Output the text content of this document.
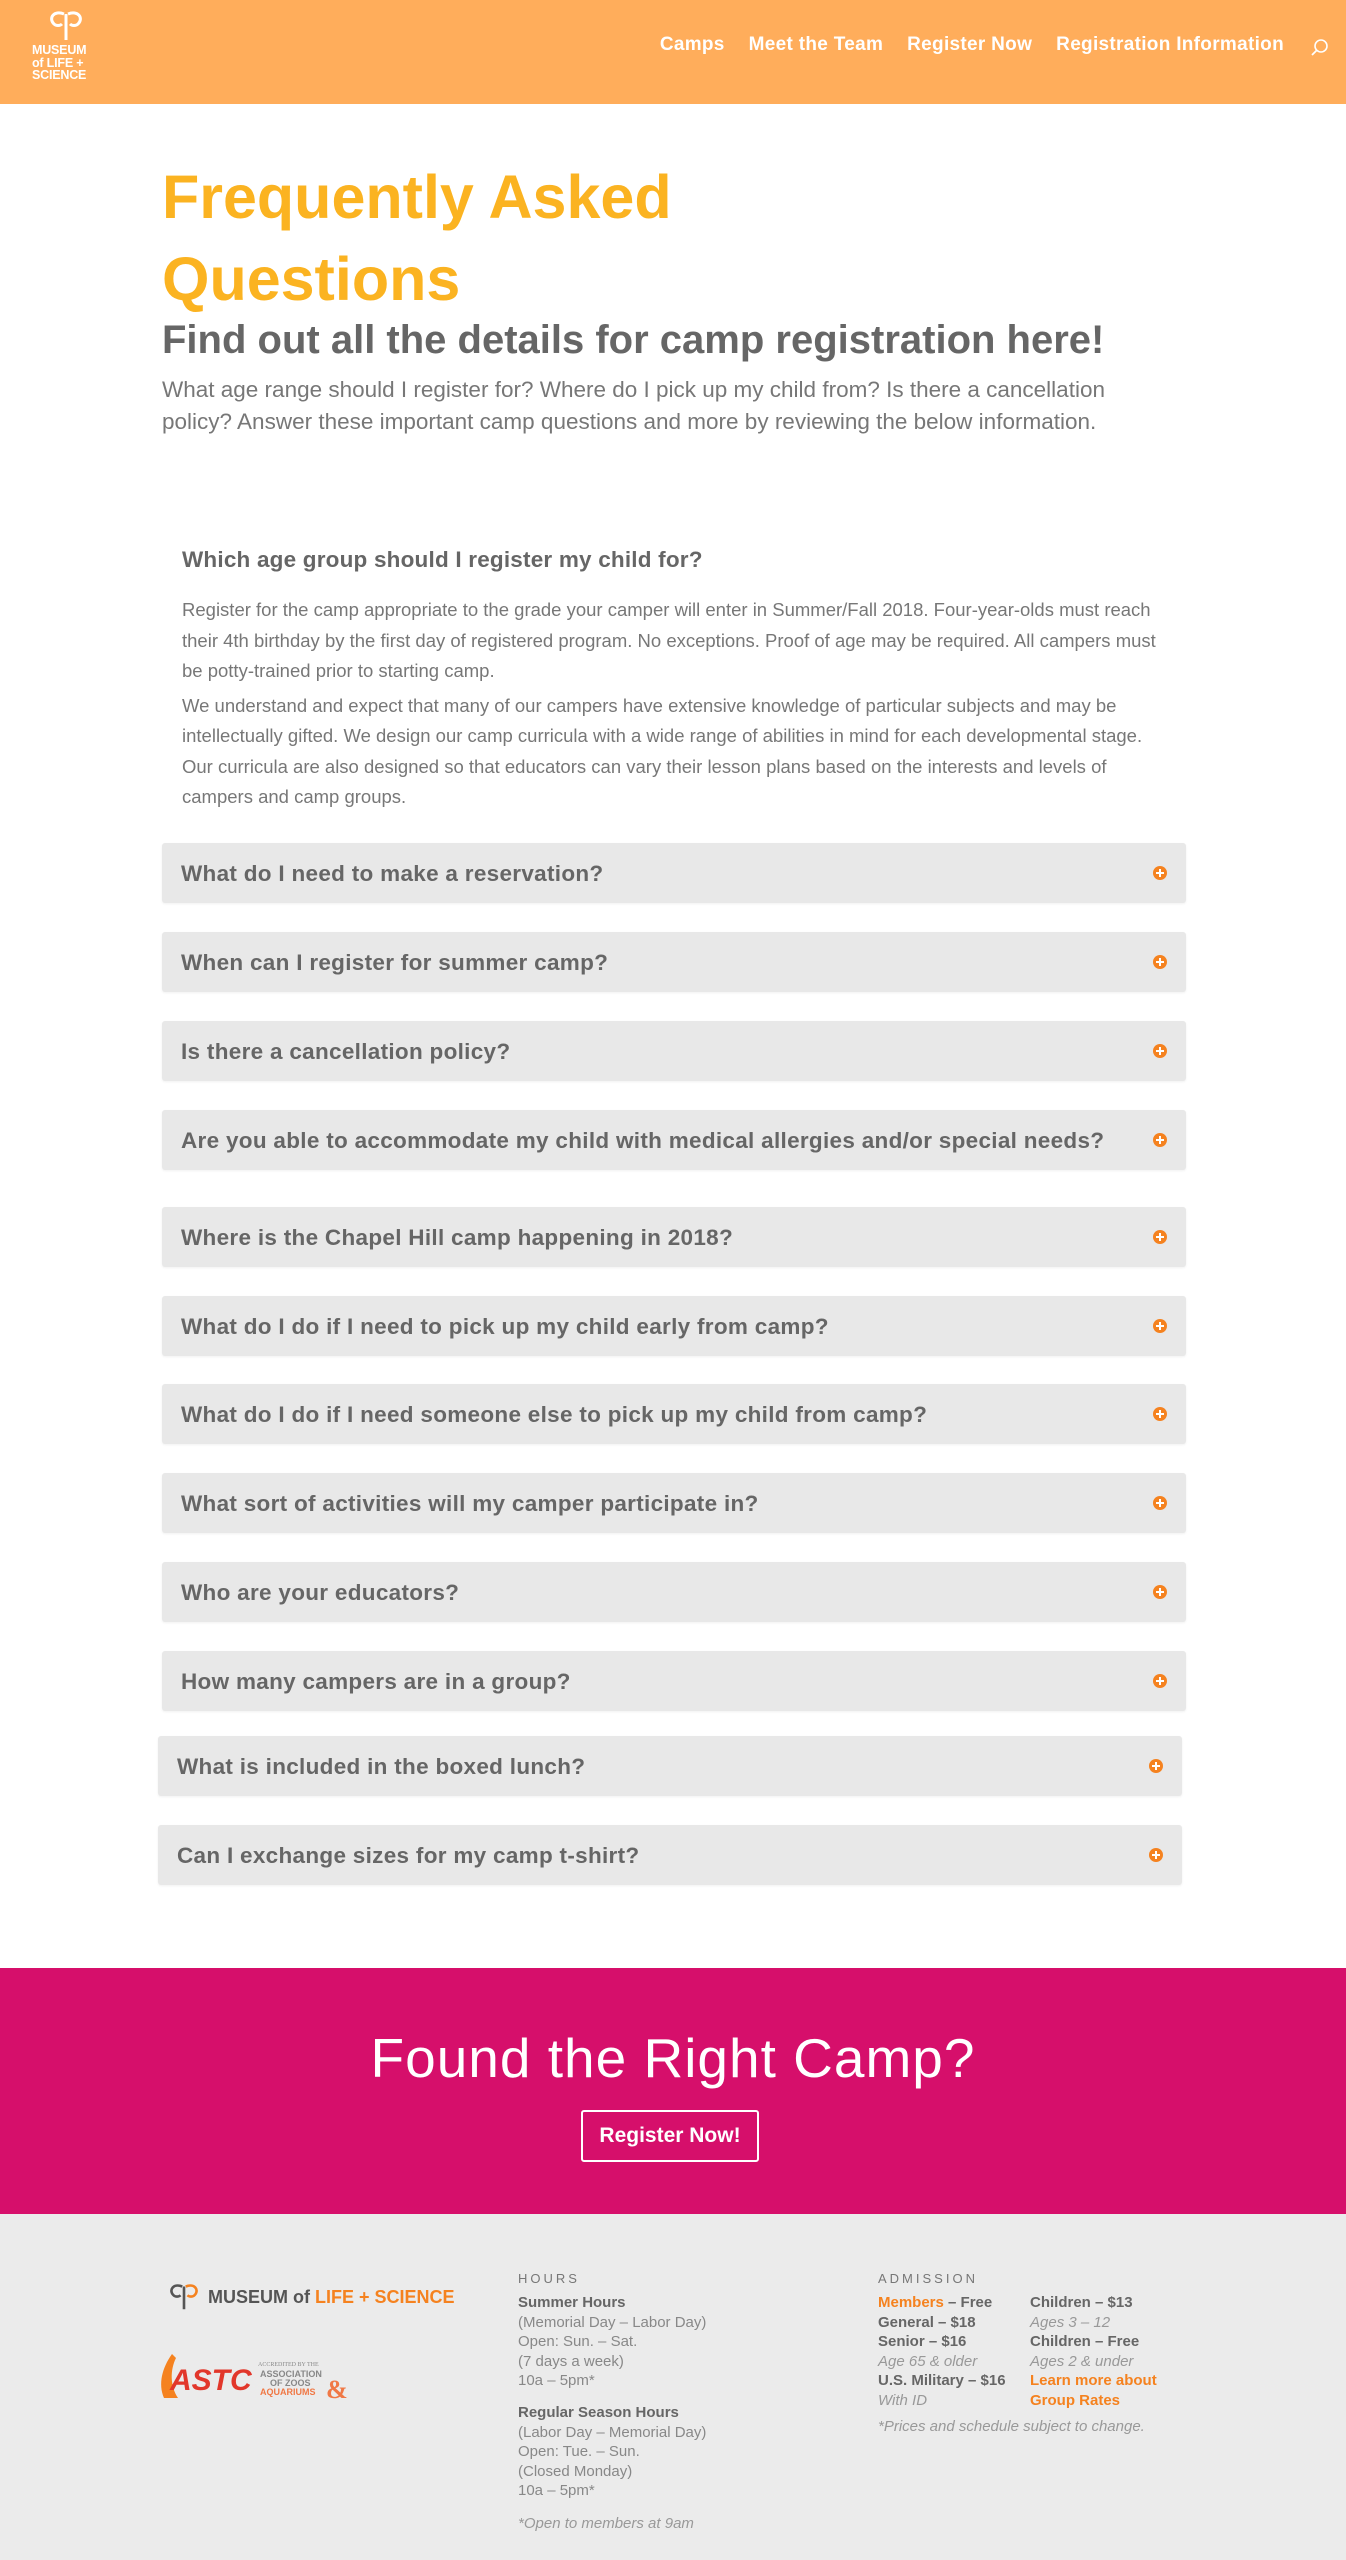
MUSEUM
of LIFE +
SCIENCE
Camps Meet the Team Register Now Registration Information
Frequently Asked Questions
Find out all the details for camp registration here!

What age range should I register for? Where do I pick up my child from? Is there a cancellation policy? Answer these important camp questions and more by reviewing the below information.

Which age group should I register my child for?

Register for the camp appropriate to the grade your camper will enter in Summer/Fall 2018. Four-year-olds must reach their 4th birthday by the first day of registered program. No exceptions. Proof of age may be required. All campers must be potty-trained prior to starting camp.

We understand and expect that many of our campers have extensive knowledge of particular subjects and may be intellectually gifted. We design our camp curricula with a wide range of abilities in mind for each developmental stage. Our curricula are also designed so that educators can vary their lesson plans based on the interests and levels of campers and camp groups.

What do I need to make a reservation?
When can I register for summer camp?
Is there a cancellation policy?
Are you able to accommodate my child with medical allergies and/or special needs?
Where is the Chapel Hill camp happening in 2018?
What do I do if I need to pick up my child early from camp?
What do I do if I need someone else to pick up my child from camp?
What sort of activities will my camper participate in?
Who are your educators?
How many campers are in a group?
What is included in the boxed lunch?
Can I exchange sizes for my camp t-shirt?
Found the Right Camp?
Register Now!
MUSEUM of LIFE + SCIENCE
ASTC ACCREDITED BY THE
ASSOCIATION
OF ZOOS
AQUARIUMS &
HOURS
Summer Hours
(Memorial Day – Labor Day)
Open: Sun. – Sat.
(7 days a week)
10a – 5pm*
Regular Season Hours
(Labor Day – Memorial Day)
Open: Tue. – Sun.
(Closed Monday)
10a – 5pm*
*Open to members at 9am
ADMISSION
Members – Free
General – $18
Senior – $16
Age 65 & older
U.S. Military – $16
With ID
Children – $13
Ages 3 – 12
Children – Free
Ages 2 & under
Learn more about Group Rates
*Prices and schedule subject to change.
